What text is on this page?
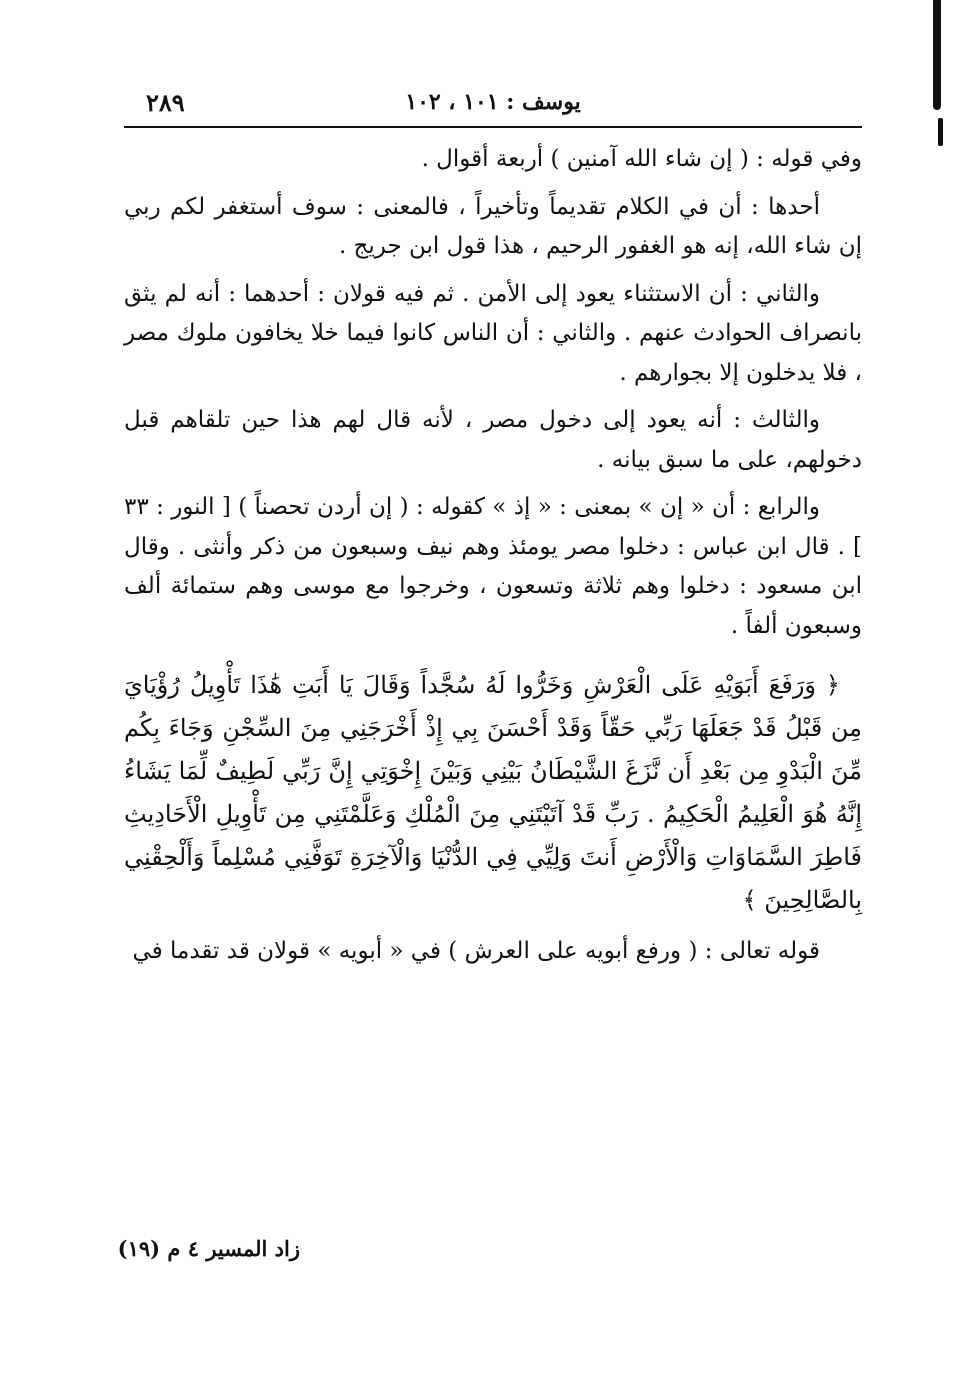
يوسف : ١٠١ ، ١٠٢
٢٨٩

وفي قوله : ( إن شاء الله آمنين ) أربعة أقوال .

أحدها : أن في الكلام تقديماً وتأخيراً ، فالمعنى : سوف أستغفر لكم ربي إن شاء الله، إنه هو الغفور الرحيم ، هذا قول ابن جريج .

والثاني : أن الاستثناء يعود إلى الأمن . ثم فيه قولان : أحدهما : أنه لم يثق بانصراف الحوادث عنهم . والثاني : أن الناس كانوا فيما خلا يخافون ملوك مصر ، فلا يدخلون إلا بجوارهم .

والثالث : أنه يعود إلى دخول مصر ، لأنه قال لهم هذا حين تلقاهم قبل دخولهم، على ما سبق بيانه .

والرابع : أن « إن » بمعنى : « إذ » كقوله : ( إن أردن تحصناً ) [ النور : ٣٣ ] . قال ابن عباس : دخلوا مصر يومئذ وهم نيف وسبعون من ذكر وأنثى . وقال ابن مسعود : دخلوا وهم ثلاثة وتسعون ، وخرجوا مع موسى وهم ستمائة ألف وسبعون ألفاً .

﴿ وَرَفَعَ أَبَوَيْهِ عَلَى الْعَرْشِ وَخَرُّوا لَهُ سُجَّداً وَقَالَ يَا أَبَتِ هَٰذَا تَأْوِيلُ رُؤْيَايَ مِن قَبْلُ قَدْ جَعَلَهَا رَبِّي حَقّاً وَقَدْ أَحْسَنَ بِي إِذْ أَخْرَجَنِي مِنَ السِّجْنِ وَجَاءَ بِكُم مِّنَ الْبَدْوِ مِن بَعْدِ أَن نَّزَغَ الشَّيْطَانُ بَيْنِي وَبَيْنَ إِخْوَتِي إِنَّ رَبِّي لَطِيفٌ لِّمَا يَشَاءُ إِنَّهُ هُوَ الْعَلِيمُ الْحَكِيمُ . رَبِّ قَدْ آتَيْتَنِي مِنَ الْمُلْكِ وَعَلَّمْتَنِي مِن تَأْوِيلِ الْأَحَادِيثِ فَاطِرَ السَّمَاوَاتِ وَالْأَرْضِ أَنتَ وَلِيِّي فِي الدُّنْيَا وَالْآخِرَةِ تَوَفَّنِي مُسْلِماً وَأَلْحِقْنِي بِالصَّالِحِينَ ﴾

قوله تعالى : ( ورفع أبويه على العرش ) في « أبويه » قولان قد تقدما في

زاد المسير ٤ م (١٩)
